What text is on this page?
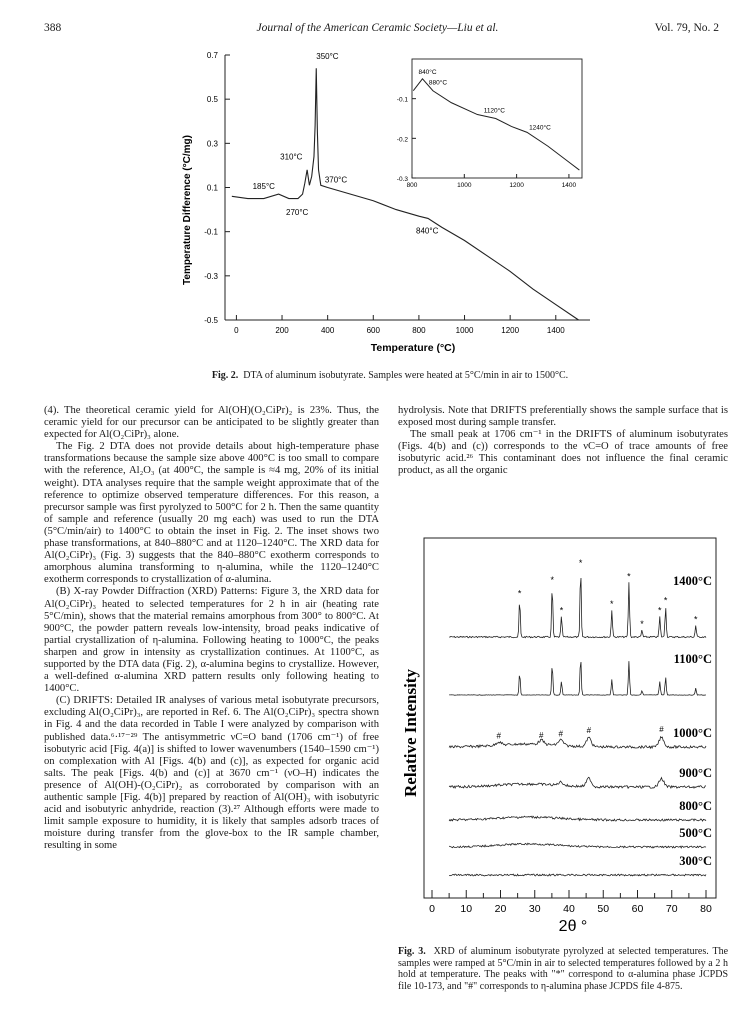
388	Journal of the American Ceramic Society—Liu et al.	Vol. 79, No. 2
-0.5
-0.3
-0.1
0.1
0.3
0.5
0.7
0	200	400	600	800	1000	1200	1400
350°C
310°C
185°C
270°C
370°C
840°C
-0.3
-0.2
-0.1
800	1000	1200	1400
840°C
880°C
1120°C
1240°C
Temperature Difference (°C/mg)
Temperature (°C)
Fig. 2. DTA of aluminum isobutyrate. Samples were heated at 5°C/min in air to 1500°C.

(4). The theoretical ceramic yield for Al(OH)(O₂CiPr)₂ is 23%. Thus, the ceramic yield for our precursor can be anticipated to be slightly greater than expected for Al(O₂CiPr)₃ alone.

The Fig. 2 DTA does not provide details about high-temperature phase transformations because the sample size above 400°C is too small to compare with the reference, Al₂O₃ (at 400°C, the sample is ≈4 mg, 20% of its initial weight). DTA analyses require that the sample weight approximate that of the reference to optimize observed temperature differences. For this reason, a precursor sample was first pyrolyzed to 500°C for 2 h. Then the same quantity of sample and reference (usually 20 mg each) was used to run the DTA (5°C/min/air) to 1400°C to obtain the inset in Fig. 2. The inset shows two phase transformations, at 840–880°C and at 1120–1240°C. The XRD data for Al(O₂CiPr)₃ (Fig. 3) suggests that the 840–880°C exotherm corresponds to amorphous alumina transforming to η-alumina, while the 1120–1240°C exotherm corresponds to crystallization of α-alumina.

(B) X-ray Powder Diffraction (XRD) Patterns: Figure 3, the XRD data for Al(O₂CiPr)₃ heated to selected temperatures for 2 h in air (heating rate 5°C/min), shows that the material remains amorphous from 300° to 800°C. At 900°C, the powder pattern reveals low-intensity, broad peaks indicative of partial crystallization of η-alumina. Following heating to 1000°C, the peaks sharpen and grow in intensity as crystallization continues. At 1100°C, as supported by the DTA data (Fig. 2), α-alumina begins to crystallize. However, a well-defined α-alumina XRD pattern results only following heating to 1400°C.

(C) DRIFTS: Detailed IR analyses of various metal isobutyrate precursors, excluding Al(O₂CiPr)₃, are reported in Ref. 6. The Al(O₂CiPr)₃ spectra shown in Fig. 4 and the data recorded in Table I were analyzed by comparison with published data.⁶·¹⁷⁻²⁹ The antisymmetric νC=O band (1706 cm⁻¹) of free isobutyric acid [Fig. 4(a)] is shifted to lower wavenumbers (1540–1590 cm⁻¹) on complexation with Al [Figs. 4(b) and (c)], as expected for organic acid salts. The peak [Figs. 4(b) and (c)] at 3670 cm⁻¹ (νO–H) indicates the presence of Al(OH)-(O₂CiPr)₂ as corroborated by comparison with an authentic sample [Fig. 4(b)] prepared by reaction of Al(OH)₃ with isobutyric acid and isobutyric anhydride, reaction (3).²⁷ Although efforts were made to limit sample exposure to humidity, it is likely that samples adsorb traces of moisture during transfer from the glove-box to the IR sample chamber, resulting in some

hydrolysis. Note that DRIFTS preferentially shows the sample surface that is exposed most during sample transfer.

The small peak at 1706 cm⁻¹ in the DRIFTS of aluminum isobutyrates (Figs. 4(b) and (c)) corresponds to the νC=O of trace amounts of free isobutyric acid.²⁶ This contaminant does not influence the final ceramic product, as all the organic

0 10 20 30 40 50 60 70 80
*
*
*
*
*
*
*
*
*
*
#	# #	#	#
1400°C
1100°C
1000°C
900°C
800°C
500°C
300°C
Relative Intensity
2θ °
Fig. 3. XRD of aluminum isobutyrate pyrolyzed at selected temperatures. The samples were ramped at 5°C/min in air to selected temperatures followed by a 2 h hold at temperature. The peaks with "*" correspond to α-alumina phase JCPDS file 10-173, and "#" corresponds to η-alumina phase JCPDS file 4-875.
